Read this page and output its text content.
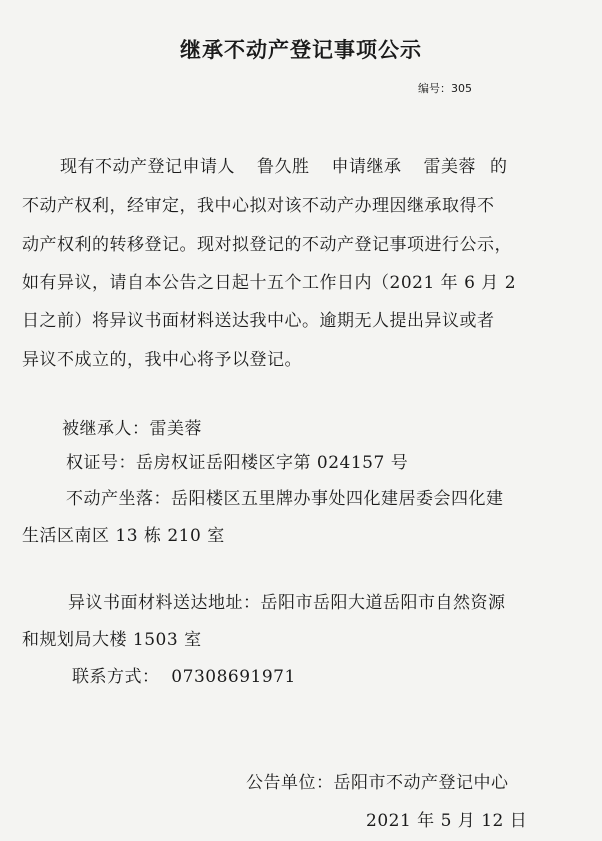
继承不动产登记事项公示
编号：305
现有不动产登记申请人 鲁久胜 申请继承 雷美蓉 的
不动产权利，经审定，我中心拟对该不动产办理因继承取得不
动产权利的转移登记。现对拟登记的不动产登记事项进行公示，
如有异议，请自本公告之日起十五个工作日内（2021 年 6 月 2
日之前）将异议书面材料送达我中心。逾期无人提出异议或者
异议不成立的，我中心将予以登记。
被继承人：雷美蓉
权证号：岳房权证岳阳楼区字第 024157 号
不动产坐落：岳阳楼区五里牌办事处四化建居委会四化建
生活区南区 13 栋 210 室
异议书面材料送达地址：岳阳市岳阳大道岳阳市自然资源
和规划局大楼 1503 室
联系方式：  07308691971
公告单位：岳阳市不动产登记中心
2021 年 5 月 12 日
